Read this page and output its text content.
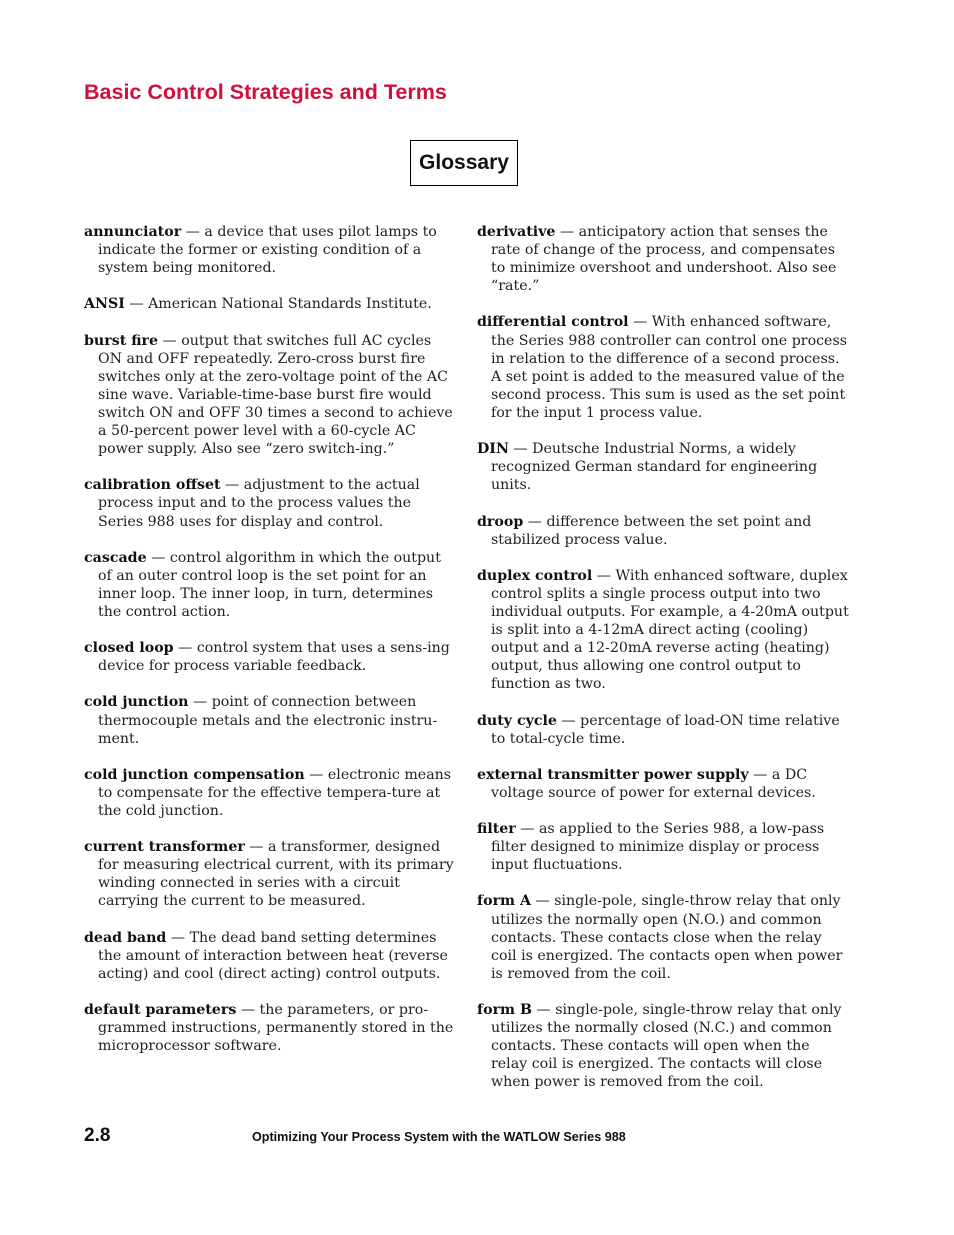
Basic Control Strategies and Terms
Glossary

annunciator — a device that uses pilot lamps to indicate the former or existing condition of a system being monitored.

ANSI — American National Standards Institute.

burst fire — output that switches full AC cycles ON and OFF repeatedly. Zero-cross burst fire switches only at the zero-voltage point of the AC sine wave. Variable-time-base burst fire would switch ON and OFF 30 times a second to achieve a 50-percent power level with a 60-cycle AC power supply. Also see “zero switch-ing.”

calibration offset — adjustment to the actual process input and to the process values the Series 988 uses for display and control.

cascade — control algorithm in which the output of an outer control loop is the set point for an inner loop. The inner loop, in turn, determines the control action.

closed loop — control system that uses a sens-ing device for process variable feedback.

cold junction — point of connection between thermocouple metals and the electronic instru-ment.

cold junction compensation — electronic means to compensate for the effective tempera-ture at the cold junction.

current transformer — a transformer, designed for measuring electrical current, with its primary winding connected in series with a circuit carrying the current to be measured.

dead band — The dead band setting determines the amount of interaction between heat (reverse acting) and cool (direct acting) control outputs.

default parameters — the parameters, or pro-grammed instructions, permanently stored in the microprocessor software.

derivative — anticipatory action that senses the rate of change of the process, and compensates to minimize overshoot and undershoot. Also see “rate.”

differential control — With enhanced software, the Series 988 controller can control one process in relation to the difference of a second process. A set point is added to the measured value of the second process. This sum is used as the set point for the input 1 process value.

DIN — Deutsche Industrial Norms, a widely recognized German standard for engineering units.

droop — difference between the set point and stabilized process value.

duplex control — With enhanced software, duplex control splits a single process output into two individual outputs. For example, a 4-20mA output is split into a 4-12mA direct acting (cooling) output and a 12-20mA reverse acting (heating) output, thus allowing one control output to function as two.

duty cycle — percentage of load-ON time relative to total-cycle time.

external transmitter power supply — a DC voltage source of power for external devices.

filter — as applied to the Series 988, a low-pass filter designed to minimize display or process input fluctuations.

form A — single-pole, single-throw relay that only utilizes the normally open (N.O.) and common contacts. These contacts close when the relay coil is energized. The contacts open when power is removed from the coil.

form B — single-pole, single-throw relay that only utilizes the normally closed (N.C.) and common contacts. These contacts will open when the relay coil is energized. The contacts will close when power is removed from the coil.

2.8	Optimizing Your Process System with the WATLOW Series 988
